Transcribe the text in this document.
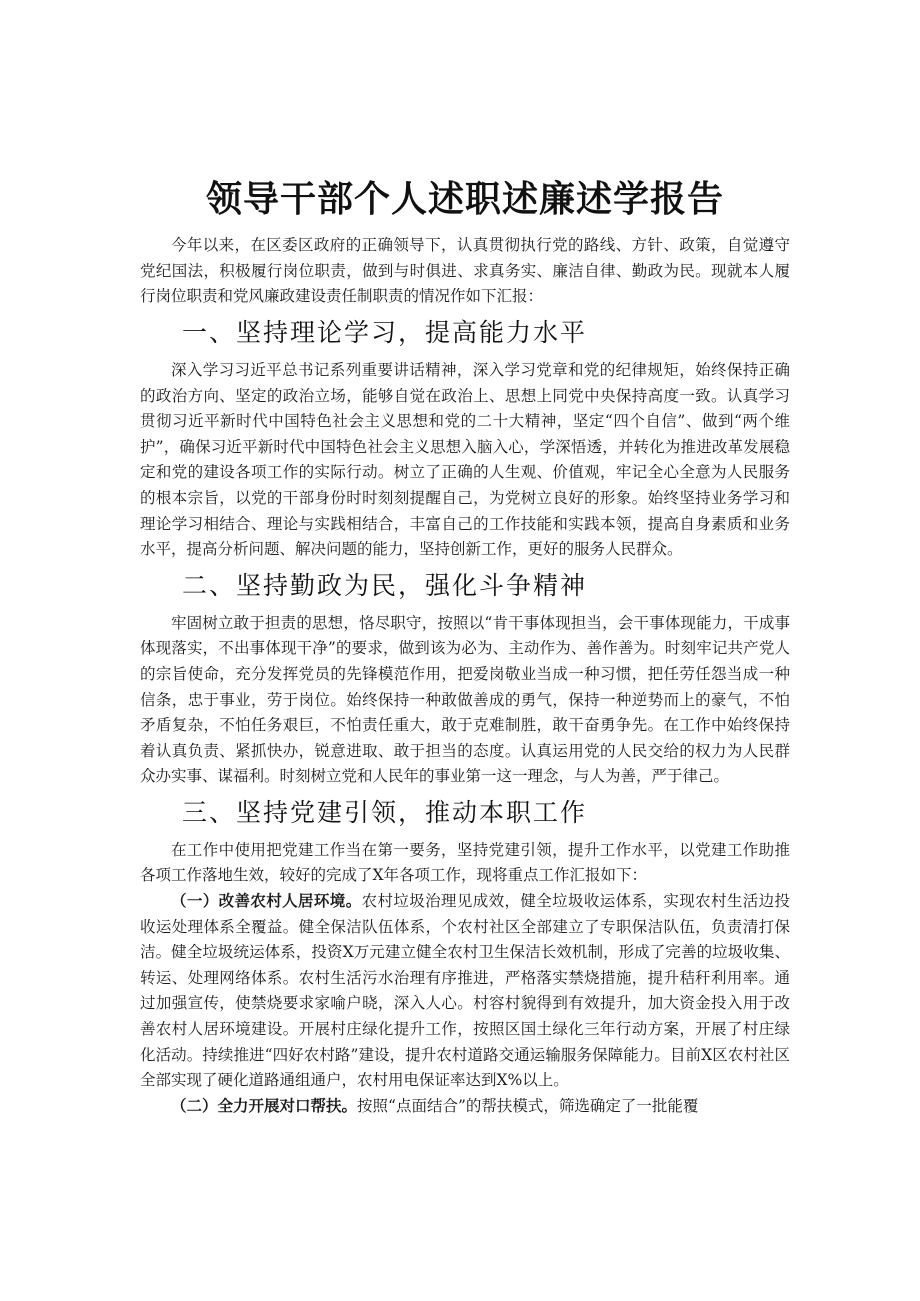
领导干部个人述职述廉述学报告

今年以来，在区委区政府的正确领导下，认真贯彻执行党的路线、方针、政策，自觉遵守党纪国法，积极履行岗位职责，做到与时俱进、求真务实、廉洁自律、勤政为民。现就本人履行岗位职责和党风廉政建设责任制职责的情况作如下汇报：

一、坚持理论学习，提高能力水平

深入学习习近平总书记系列重要讲话精神，深入学习党章和党的纪律规矩，始终保持正确的政治方向、坚定的政治立场，能够自觉在政治上、思想上同党中央保持高度一致。认真学习贯彻习近平新时代中国特色社会主义思想和党的二十大精神，坚定“四个自信”、做到“两个维护”，确保习近平新时代中国特色社会主义思想入脑入心，学深悟透，并转化为推进改革发展稳定和党的建设各项工作的实际行动。树立了正确的人生观、价值观，牢记全心全意为人民服务的根本宗旨，以党的干部身份时时刻刻提醒自己，为党树立良好的形象。始终坚持业务学习和理论学习相结合、理论与实践相结合，丰富自己的工作技能和实践本领，提高自身素质和业务水平，提高分析问题、解决问题的能力，坚持创新工作，更好的服务人民群众。

二、坚持勤政为民，强化斗争精神

牢固树立敢于担责的思想，恪尽职守，按照以“肯干事体现担当，会干事体现能力，干成事体现落实，不出事体现干净”的要求，做到该为必为、主动作为、善作善为。时刻牢记共产党人的宗旨使命，充分发挥党员的先锋模范作用，把爱岗敬业当成一种习惯，把任劳任怨当成一种信条，忠于事业，劳于岗位。始终保持一种敢做善成的勇气，保持一种逆势而上的豪气，不怕矛盾复杂，不怕任务艰巨，不怕责任重大，敢于克难制胜，敢干奋勇争先。在工作中始终保持着认真负责、紧抓快办，锐意进取、敢于担当的态度。认真运用党的人民交给的权力为人民群众办实事、谋福利。时刻树立党和人民年的事业第一这一理念，与人为善，严于律己。

三、坚持党建引领，推动本职工作

在工作中使用把党建工作当在第一要务，坚持党建引领，提升工作水平，以党建工作助推各项工作落地生效，较好的完成了X年各项工作，现将重点工作汇报如下：

（一）改善农村人居环境。农村垃圾治理见成效，健全垃圾收运体系，实现农村生活边投收运处理体系全覆益。健全保洁队伍体系，个农村社区全部建立了专职保洁队伍，负责清打保洁。健全垃圾统运体系，投资X万元建立健全农村卫生保洁长效机制，形成了完善的垃圾收集、转运、处理网络体系。农村生活污水治理有序推进，严格落实禁烧措施，提升秸秆利用率。通过加强宣传，使禁烧要求家喻户晓，深入人心。村容村貌得到有效提升，加大资金投入用于改善农村人居环境建设。开展村庄绿化提升工作，按照区国土绿化三年行动方案，开展了村庄绿化活动。持续推进“四好农村路”建设，提升农村道路交通运输服务保障能力。目前X区农村社区全部实现了硬化道路通组通户，农村用电保证率达到X%以上。

（二）全力开展对口帮扶。按照“点面结合”的帮扶模式，筛选确定了一批能覆
